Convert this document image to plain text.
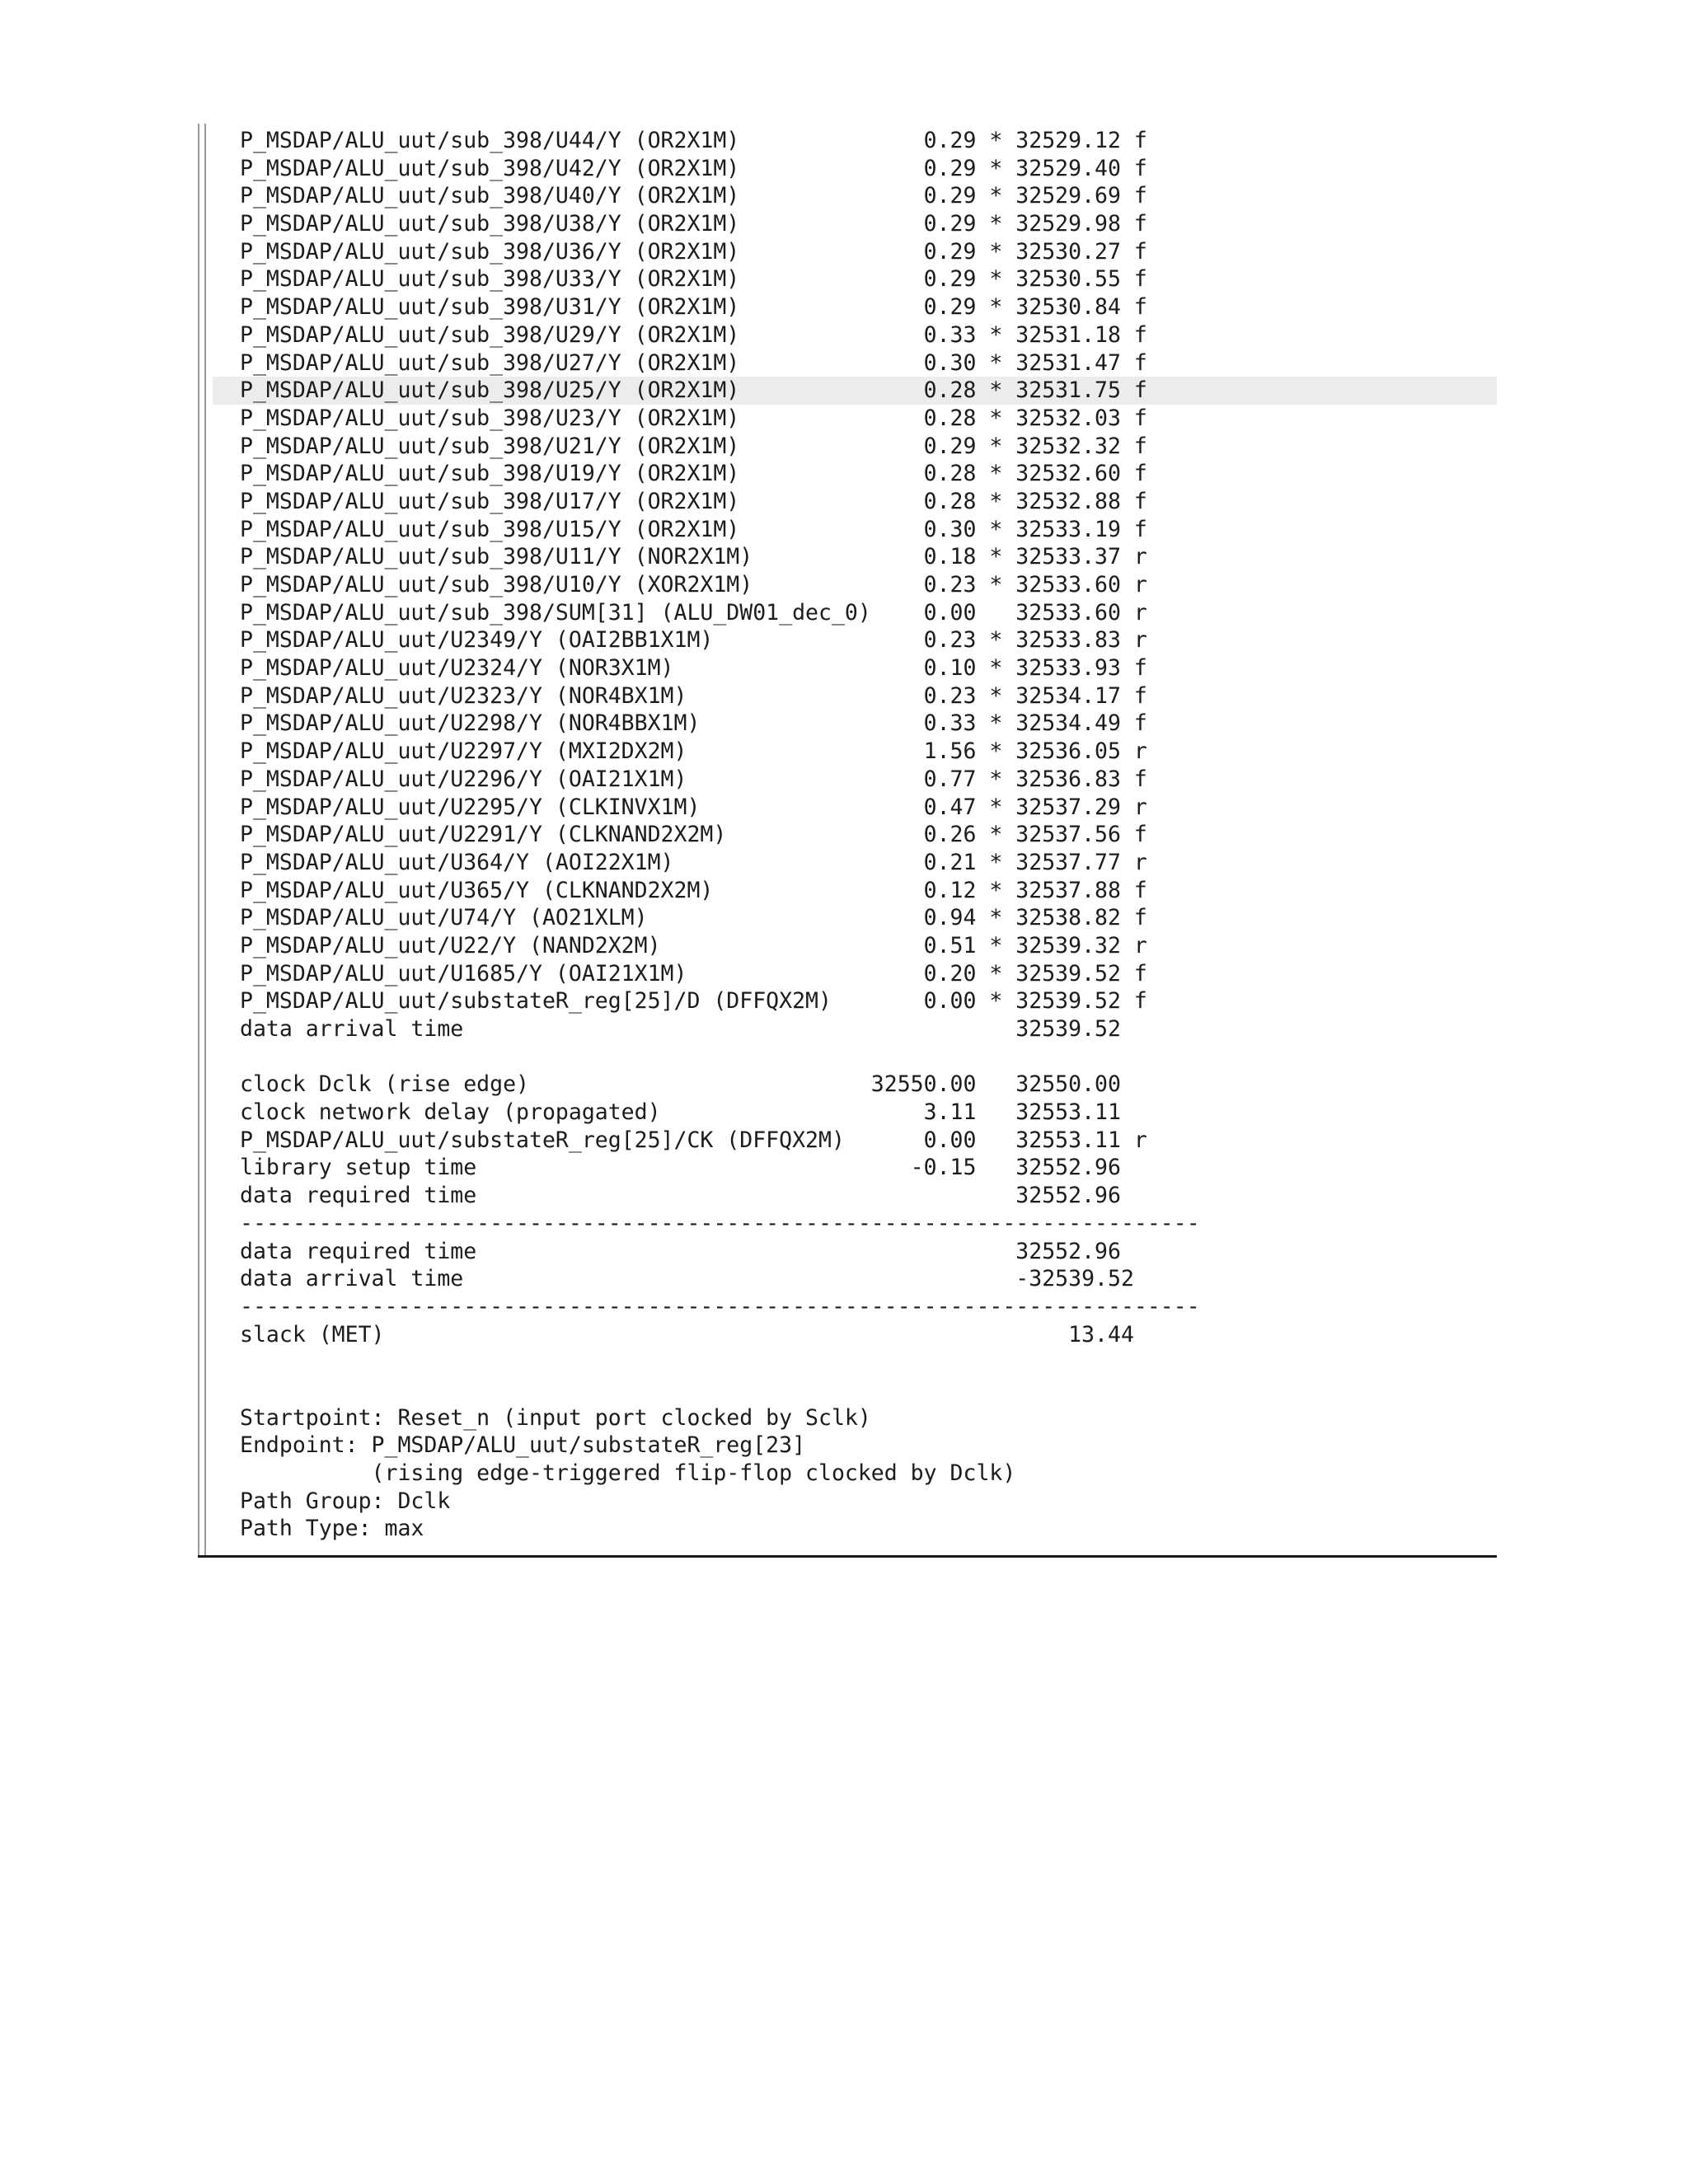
P_MSDAP/ALU_uut/sub_398/U44/Y (OR2X1M)              0.29 * 32529.12 f
P_MSDAP/ALU_uut/sub_398/U42/Y (OR2X1M)              0.29 * 32529.40 f
P_MSDAP/ALU_uut/sub_398/U40/Y (OR2X1M)              0.29 * 32529.69 f
P_MSDAP/ALU_uut/sub_398/U38/Y (OR2X1M)              0.29 * 32529.98 f
P_MSDAP/ALU_uut/sub_398/U36/Y (OR2X1M)              0.29 * 32530.27 f
P_MSDAP/ALU_uut/sub_398/U33/Y (OR2X1M)              0.29 * 32530.55 f
P_MSDAP/ALU_uut/sub_398/U31/Y (OR2X1M)              0.29 * 32530.84 f
P_MSDAP/ALU_uut/sub_398/U29/Y (OR2X1M)              0.33 * 32531.18 f
P_MSDAP/ALU_uut/sub_398/U27/Y (OR2X1M)              0.30 * 32531.47 f
P_MSDAP/ALU_uut/sub_398/U25/Y (OR2X1M)              0.28 * 32531.75 f
P_MSDAP/ALU_uut/sub_398/U23/Y (OR2X1M)              0.28 * 32532.03 f
P_MSDAP/ALU_uut/sub_398/U21/Y (OR2X1M)              0.29 * 32532.32 f
P_MSDAP/ALU_uut/sub_398/U19/Y (OR2X1M)              0.28 * 32532.60 f
P_MSDAP/ALU_uut/sub_398/U17/Y (OR2X1M)              0.28 * 32532.88 f
P_MSDAP/ALU_uut/sub_398/U15/Y (OR2X1M)              0.30 * 32533.19 f
P_MSDAP/ALU_uut/sub_398/U11/Y (NOR2X1M)             0.18 * 32533.37 r
P_MSDAP/ALU_uut/sub_398/U10/Y (XOR2X1M)             0.23 * 32533.60 r
P_MSDAP/ALU_uut/sub_398/SUM[31] (ALU_DW01_dec_0)    0.00   32533.60 r
P_MSDAP/ALU_uut/U2349/Y (OAI2BB1X1M)                0.23 * 32533.83 r
P_MSDAP/ALU_uut/U2324/Y (NOR3X1M)                   0.10 * 32533.93 f
P_MSDAP/ALU_uut/U2323/Y (NOR4BX1M)                  0.23 * 32534.17 f
P_MSDAP/ALU_uut/U2298/Y (NOR4BBX1M)                 0.33 * 32534.49 f
P_MSDAP/ALU_uut/U2297/Y (MXI2DX2M)                  1.56 * 32536.05 r
P_MSDAP/ALU_uut/U2296/Y (OAI21X1M)                  0.77 * 32536.83 f
P_MSDAP/ALU_uut/U2295/Y (CLKINVX1M)                 0.47 * 32537.29 r
P_MSDAP/ALU_uut/U2291/Y (CLKNAND2X2M)               0.26 * 32537.56 f
P_MSDAP/ALU_uut/U364/Y (AOI22X1M)                   0.21 * 32537.77 r
P_MSDAP/ALU_uut/U365/Y (CLKNAND2X2M)                0.12 * 32537.88 f
P_MSDAP/ALU_uut/U74/Y (AO21XLM)                     0.94 * 32538.82 f
P_MSDAP/ALU_uut/U22/Y (NAND2X2M)                    0.51 * 32539.32 r
P_MSDAP/ALU_uut/U1685/Y (OAI21X1M)                  0.20 * 32539.52 f
P_MSDAP/ALU_uut/substateR_reg[25]/D (DFFQX2M)       0.00 * 32539.52 f
data arrival time                                          32539.52
clock Dclk (rise edge)                          32550.00   32550.00
clock network delay (propagated)                    3.11   32553.11
P_MSDAP/ALU_uut/substateR_reg[25]/CK (DFFQX2M)      0.00   32553.11 r
library setup time                                 -0.15   32552.96
data required time                                         32552.96
-------------------------------------------------------------------------
data required time                                         32552.96
data arrival time                                          -32539.52
-------------------------------------------------------------------------
slack (MET)                                                    13.44
Startpoint: Reset_n (input port clocked by Sclk)
Endpoint: P_MSDAP/ALU_uut/substateR_reg[23]
(rising edge-triggered flip-flop clocked by Dclk)
Path Group: Dclk
Path Type: max
